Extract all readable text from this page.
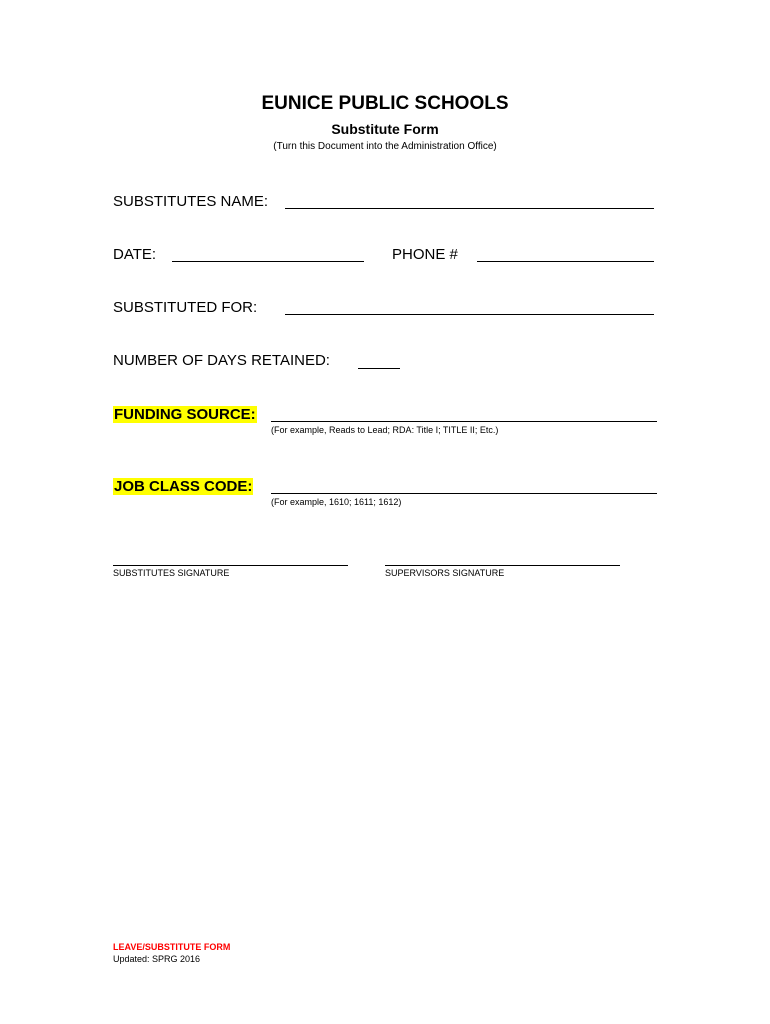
EUNICE PUBLIC SCHOOLS
Substitute Form
(Turn this Document into the Administration Office)
SUBSTITUTES NAME:
DATE:	PHONE #
SUBSTITUTED FOR:
NUMBER OF DAYS RETAINED:
FUNDING SOURCE:
(For example, Reads to Lead; RDA: Title I; TITLE II; Etc.)
JOB CLASS CODE:
(For example, 1610; 1611; 1612)
SUBSTITUTES SIGNATURE	SUPERVISORS SIGNATURE
LEAVE/SUBSTITUTE FORM
Updated: SPRG 2016
